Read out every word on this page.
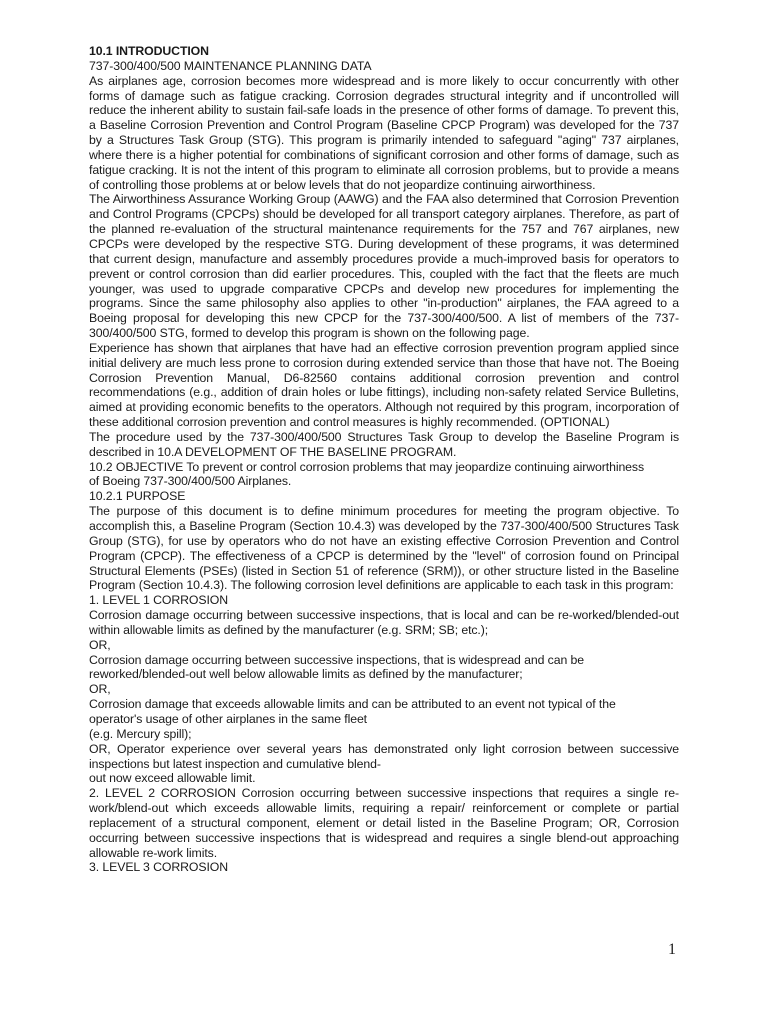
10.1 INTRODUCTION

737-300/400/500 MAINTENANCE PLANNING DATA

As airplanes age, corrosion becomes more widespread and is more likely to occur concurrently with other forms of damage such as fatigue cracking. Corrosion degrades structural integrity and if uncontrolled will reduce the inherent ability to sustain fail-safe loads in the presence of other forms of damage. To prevent this, a Baseline Corrosion Prevention and Control Program (Baseline CPCP Program) was developed for the 737 by a Structures Task Group (STG). This program is primarily intended to safeguard "aging" 737 airplanes, where there is a higher potential for combinations of significant corrosion and other forms of damage, such as fatigue cracking. It is not the intent of this program to eliminate all corrosion problems, but to provide a means of controlling those problems at or below levels that do not jeopardize continuing airworthiness.

The Airworthiness Assurance Working Group (AAWG) and the FAA also determined that Corrosion Prevention and Control Programs (CPCPs) should be developed for all transport category airplanes. Therefore, as part of the planned re-evaluation of the structural maintenance requirements for the 757 and 767 airplanes, new CPCPs were developed by the respective STG. During development of these programs, it was determined that current design, manufacture and assembly procedures provide a much-improved basis for operators to prevent or control corrosion than did earlier procedures. This, coupled with the fact that the fleets are much younger, was used to upgrade comparative CPCPs and develop new procedures for implementing the programs. Since the same philosophy also applies to other "in-production" airplanes, the FAA agreed to a Boeing proposal for developing this new CPCP for the 737-300/400/500. A list of members of the 737-300/400/500 STG, formed to develop this program is shown on the following page.

Experience has shown that airplanes that have had an effective corrosion prevention program applied since initial delivery are much less prone to corrosion during extended service than those that have not. The Boeing Corrosion Prevention Manual, D6-82560 contains additional corrosion prevention and control recommendations (e.g., addition of drain holes or lube fittings), including non-safety related Service Bulletins, aimed at providing economic benefits to the operators. Although not required by this program, incorporation of these additional corrosion prevention and control measures is highly recommended. (OPTIONAL)

The procedure used by the 737-300/400/500 Structures Task Group to develop the Baseline Program is described in 10.A DEVELOPMENT OF THE BASELINE PROGRAM.

10.2 OBJECTIVE To prevent or control corrosion problems that may jeopardize continuing airworthiness

of Boeing 737-300/400/500 Airplanes.

10.2.1 PURPOSE

The purpose of this document is to define minimum procedures for meeting the program objective. To accomplish this, a Baseline Program (Section 10.4.3) was developed by the 737-300/400/500 Structures Task Group (STG), for use by operators who do not have an existing effective Corrosion Prevention and Control Program (CPCP). The effectiveness of a CPCP is determined by the "level" of corrosion found on Principal Structural Elements (PSEs) (listed in Section 51 of reference (SRM)), or other structure listed in the Baseline Program (Section 10.4.3). The following corrosion level definitions are applicable to each task in this program:

1. LEVEL 1 CORROSION

Corrosion damage occurring between successive inspections, that is local and can be re-worked/blended-out within allowable limits as defined by the manufacturer (e.g. SRM; SB; etc.);

OR,

Corrosion damage occurring between successive inspections, that is widespread and can be

reworked/blended-out well below allowable limits as defined by the manufacturer;

OR,

Corrosion damage that exceeds allowable limits and can be attributed to an event not typical of the

operator's usage of other airplanes in the same fleet

(e.g. Mercury spill);

OR, Operator experience over several years has demonstrated only light corrosion between successive inspections but latest inspection and cumulative blend-

out now exceed allowable limit.

2. LEVEL 2 CORROSION Corrosion occurring between successive inspections that requires a single re-work/blend-out which exceeds allowable limits, requiring a repair/ reinforcement or complete or partial replacement of a structural component, element or detail listed in the Baseline Program; OR, Corrosion occurring between successive inspections that is widespread and requires a single blend-out approaching allowable re-work limits.

3. LEVEL 3 CORROSION

1
